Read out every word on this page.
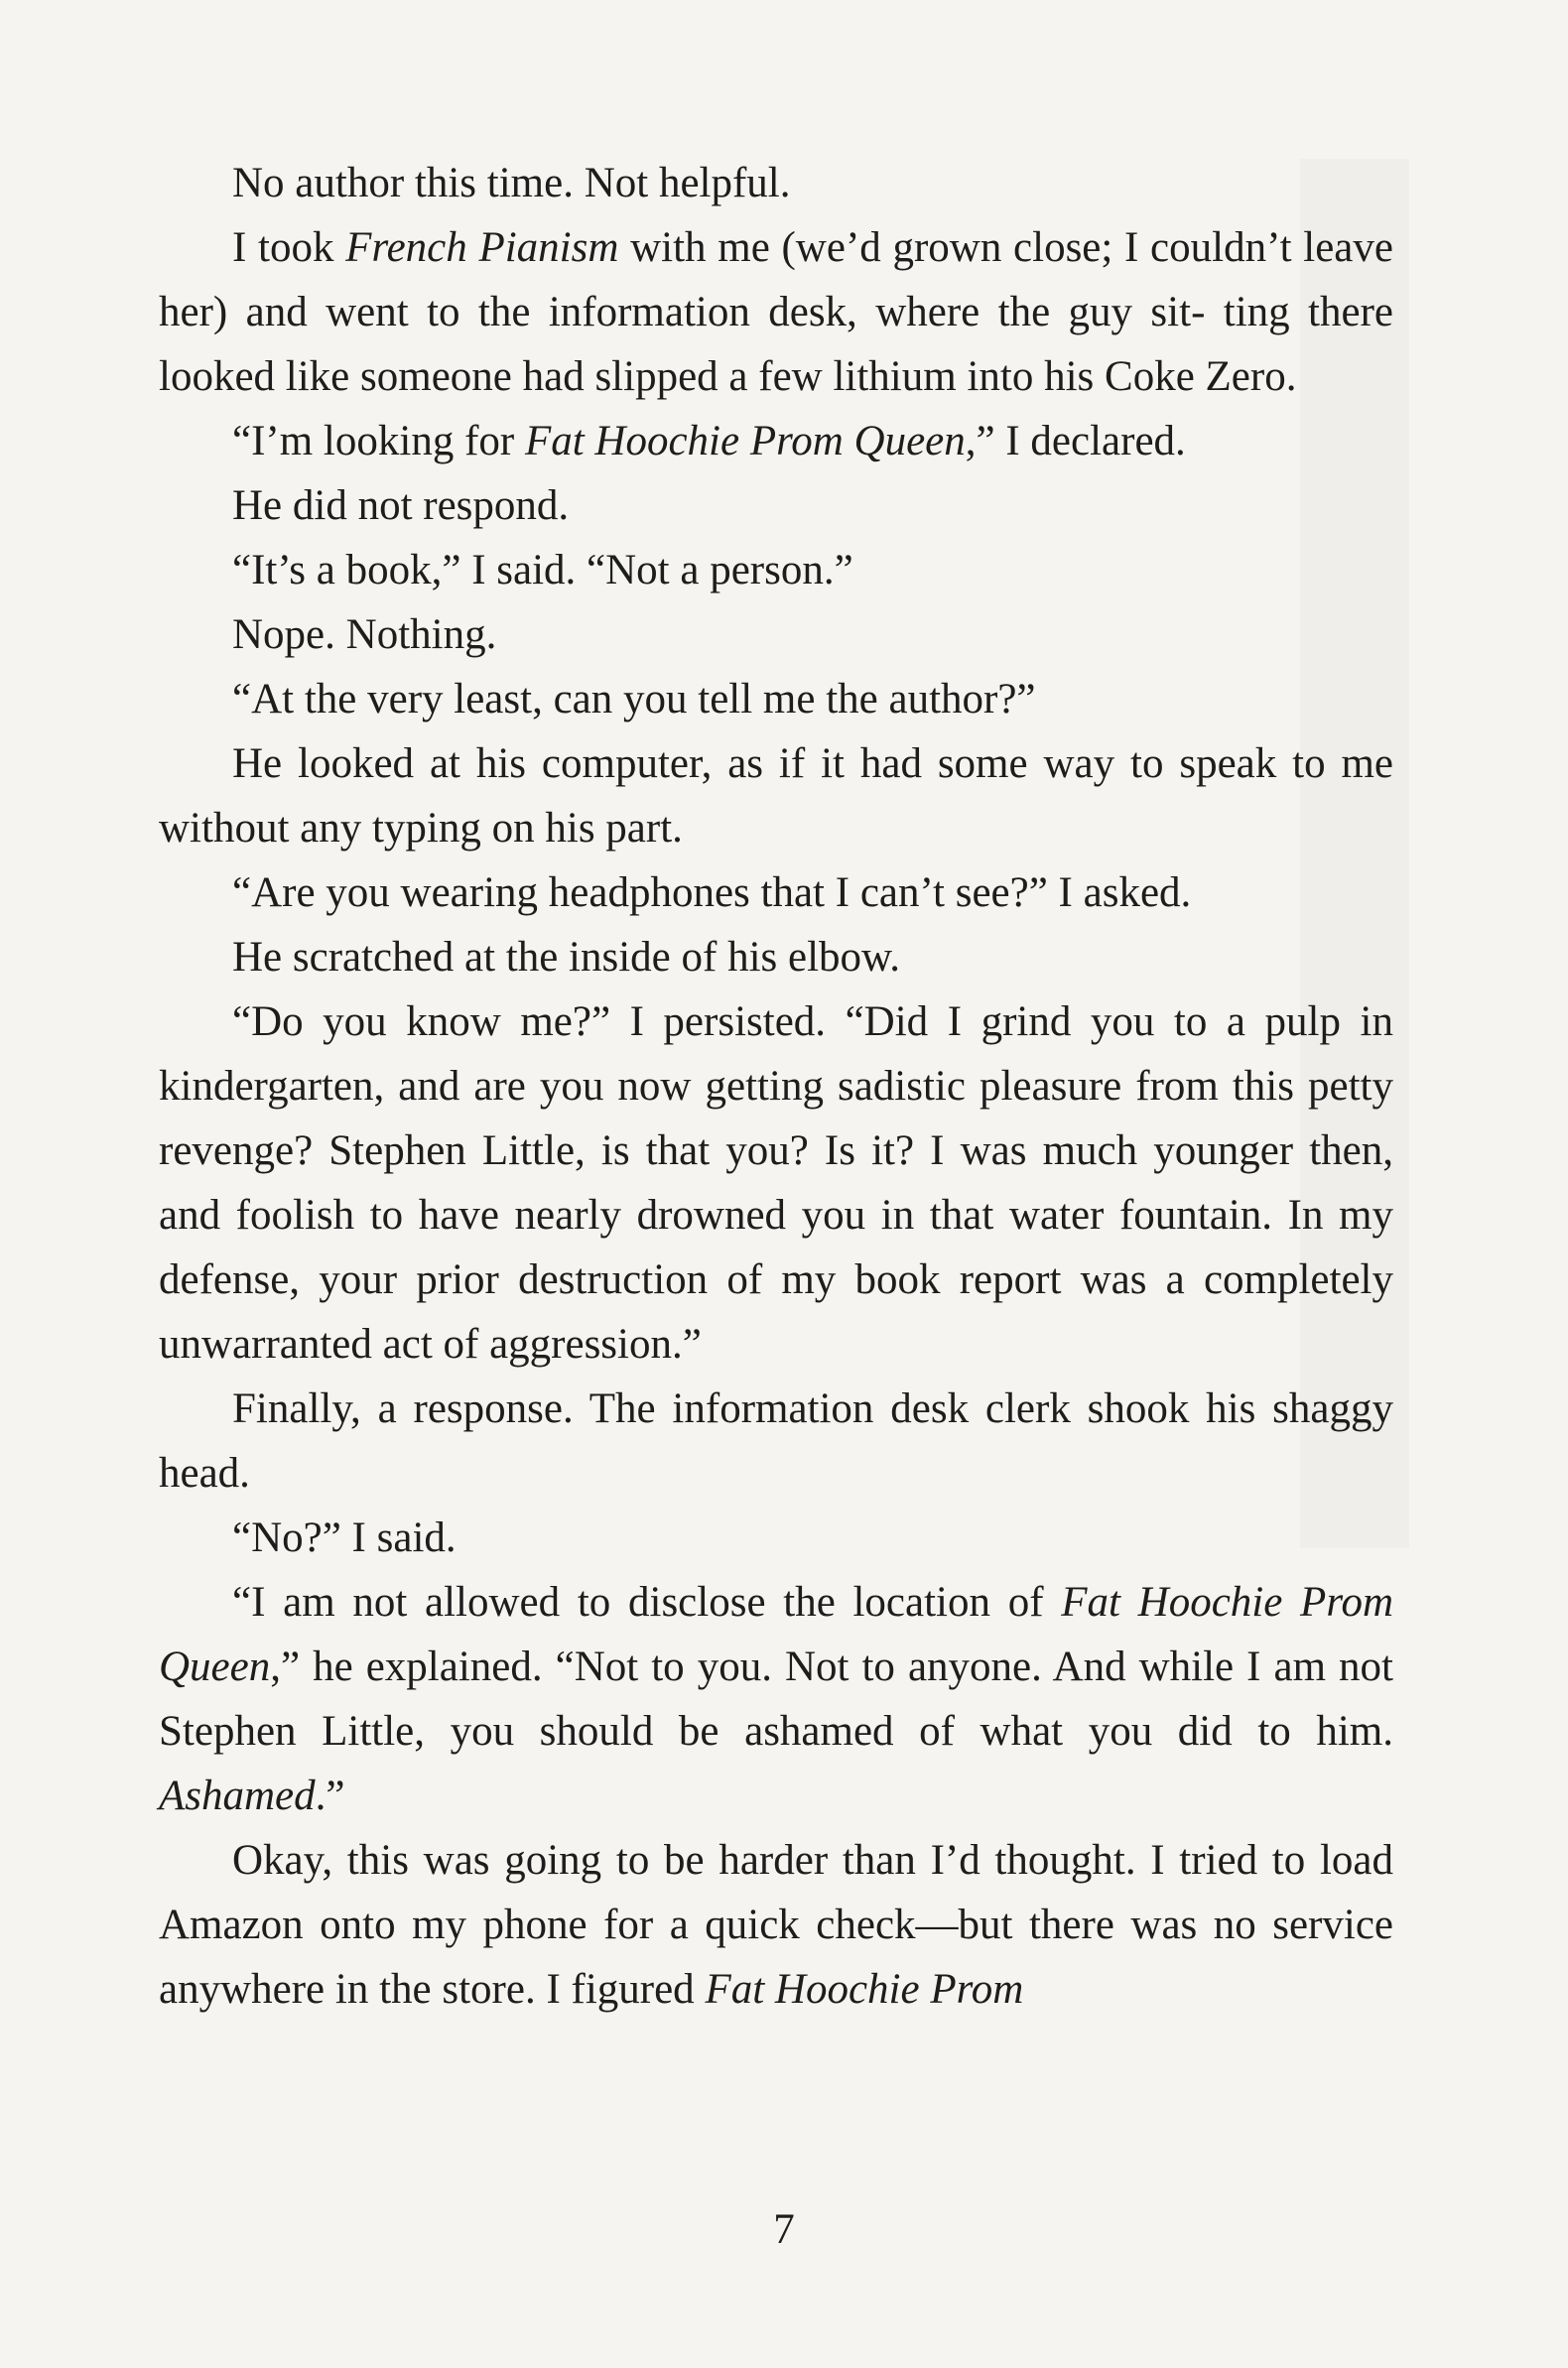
No author this time. Not helpful.

I took French Pianism with me (we’d grown close; I couldn’t leave her) and went to the information desk, where the guy sit- ting there looked like someone had slipped a few lithium into his Coke Zero.

“I’m looking for Fat Hoochie Prom Queen,” I declared.

He did not respond.

“It’s a book,” I said. “Not a person.”

Nope. Nothing.

“At the very least, can you tell me the author?”

He looked at his computer, as if it had some way to speak to me without any typing on his part.

“Are you wearing headphones that I can’t see?” I asked.

He scratched at the inside of his elbow.

“Do you know me?” I persisted. “Did I grind you to a pulp in kindergarten, and are you now getting sadistic pleasure from this petty revenge? Stephen Little, is that you? Is it? I was much younger then, and foolish to have nearly drowned you in that water fountain. In my defense, your prior destruction of my book report was a completely unwarranted act of aggression.”

Finally, a response. The information desk clerk shook his shaggy head.

“No?” I said.

“I am not allowed to disclose the location of Fat Hoochie Prom Queen,” he explained. “Not to you. Not to anyone. And while I am not Stephen Little, you should be ashamed of what you did to him. Ashamed.”

Okay, this was going to be harder than I’d thought. I tried to load Amazon onto my phone for a quick check—but there was no service anywhere in the store. I figured Fat Hoochie Prom

7
